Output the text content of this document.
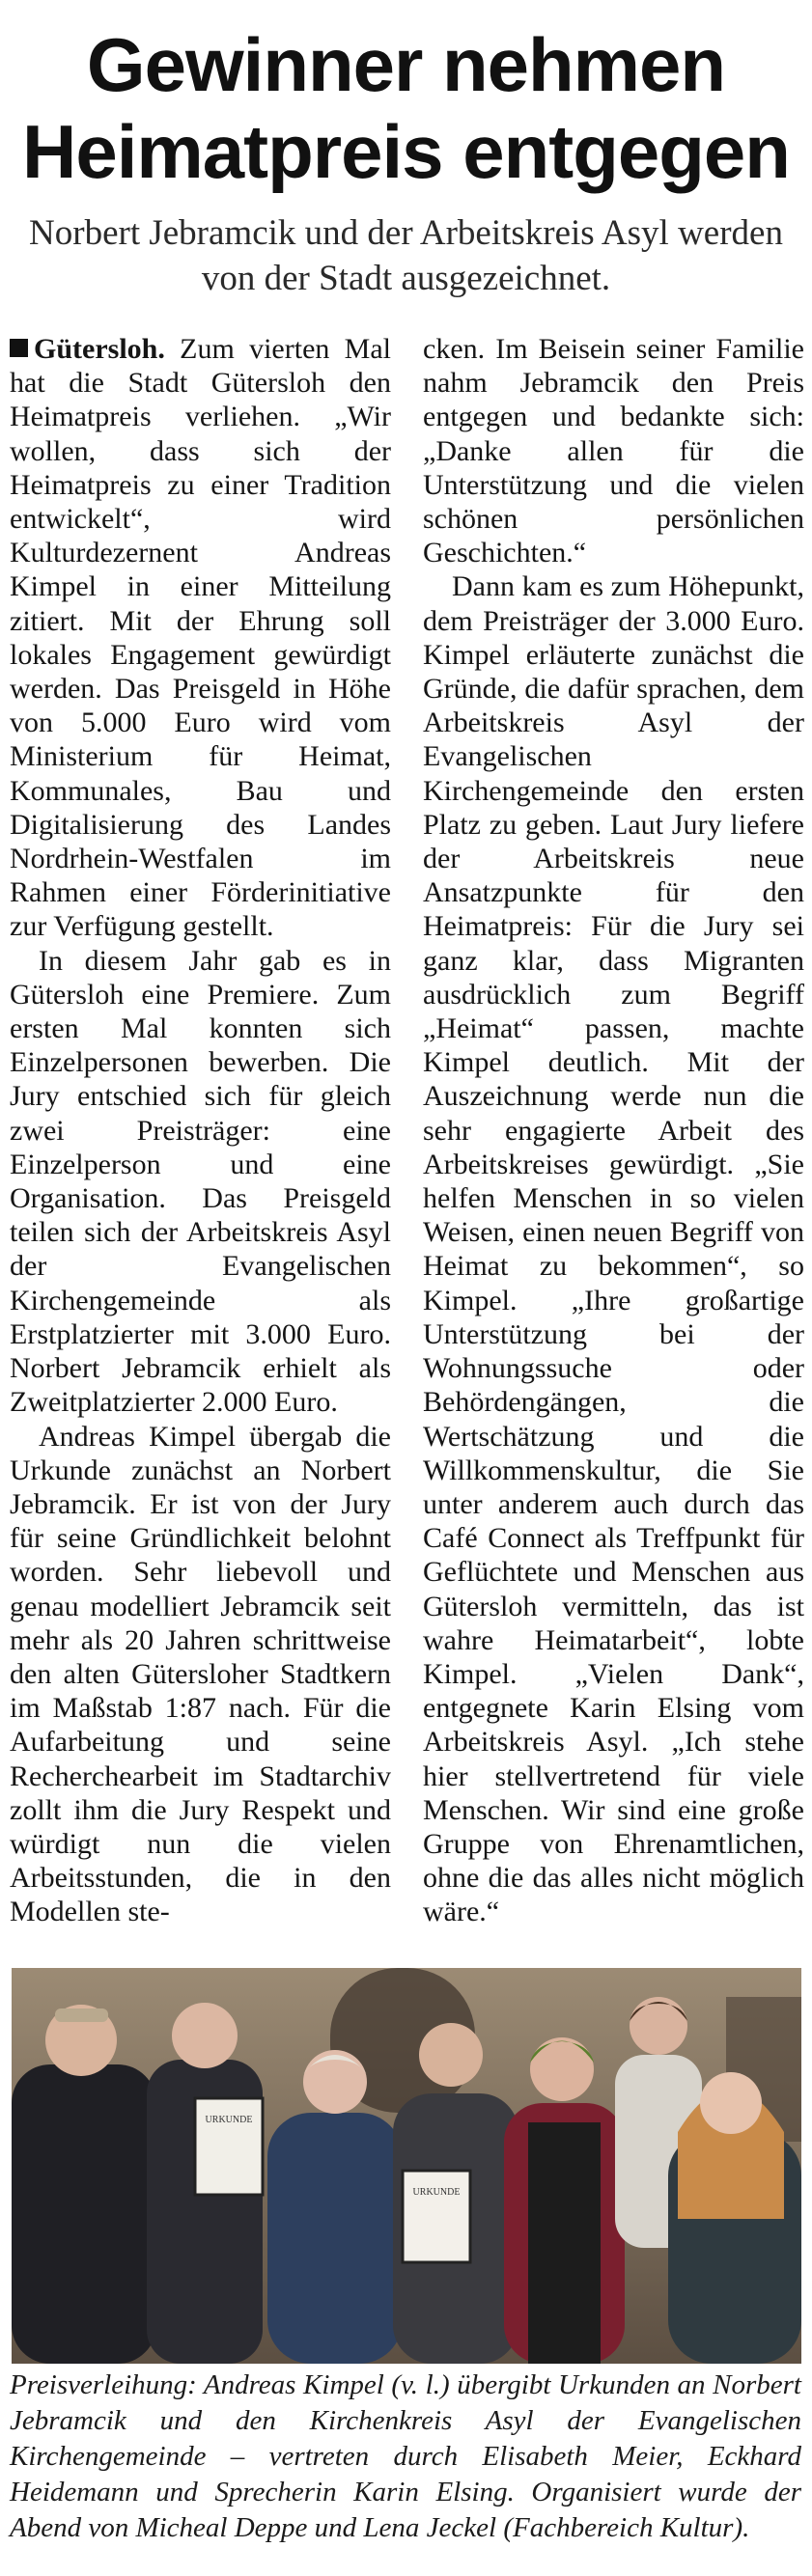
Gewinner nehmen Heimatpreis entgegen

Norbert Jebramcik und der Arbeitskreis Asyl werden von der Stadt ausgezeichnet.

Gütersloh. Zum vierten Mal hat die Stadt Gütersloh den Heimatpreis verliehen. „Wir wollen, dass sich der Heimatpreis zu einer Tradition entwickelt“, wird Kulturdezernent Andreas Kimpel in einer Mitteilung zitiert. Mit der Ehrung soll lokales Engagement gewürdigt werden. Das Preisgeld in Höhe von 5.000 Euro wird vom Ministerium für Heimat, Kommunales, Bau und Digitalisierung des Landes Nordrhein-Westfalen im Rahmen einer Förderinitiative zur Verfügung gestellt.

In diesem Jahr gab es in Gütersloh eine Premiere. Zum ersten Mal konnten sich Einzelpersonen bewerben. Die Jury entschied sich für gleich zwei Preisträger: eine Einzelperson und eine Organisation. Das Preisgeld teilen sich der Arbeitskreis Asyl der Evangelischen Kirchengemeinde als Erstplatzierter mit 3.000 Euro. Norbert Jebramcik erhielt als Zweitplatzierter 2.000 Euro.

Andreas Kimpel übergab die Urkunde zunächst an Norbert Jebramcik. Er ist von der Jury für seine Gründlichkeit belohnt worden. Sehr liebevoll und genau modelliert Jebramcik seit mehr als 20 Jahren schrittweise den alten Gütersloher Stadtkern im Maßstab 1:87 nach. Für die Aufarbeitung und seine Recherchearbeit im Stadtarchiv zollt ihm die Jury Respekt und würdigt nun die vielen Arbeitsstunden, die in den Modellen ste-

cken. Im Beisein seiner Familie nahm Jebramcik den Preis entgegen und bedankte sich: „Danke allen für die Unterstützung und die vielen schönen persönlichen Geschichten.“

Dann kam es zum Höhepunkt, dem Preisträger der 3.000 Euro. Kimpel erläuterte zunächst die Gründe, die dafür sprachen, dem Arbeitskreis Asyl der Evangelischen Kirchengemeinde den ersten Platz zu geben. Laut Jury liefere der Arbeitskreis neue Ansatzpunkte für den Heimatpreis: Für die Jury sei ganz klar, dass Migranten ausdrücklich zum Begriff „Heimat“ passen, machte Kimpel deutlich. Mit der Auszeichnung werde nun die sehr engagierte Arbeit des Arbeitskreises gewürdigt. „Sie helfen Menschen in so vielen Weisen, einen neuen Begriff von Heimat zu bekommen“, so Kimpel. „Ihre großartige Unterstützung bei der Wohnungssuche oder Behördengängen, die Wertschätzung und die Willkommenskultur, die Sie unter anderem auch durch das Café Connect als Treffpunkt für Geflüchtete und Menschen aus Gütersloh vermitteln, das ist wahre Heimatarbeit“, lobte Kimpel. „Vielen Dank“, entgegnete Karin Elsing vom Arbeitskreis Asyl. „Ich stehe hier stellvertretend für viele Menschen. Wir sind eine große Gruppe von Ehrenamtlichen, ohne die das alles nicht möglich wäre.“

URKUNDE
URKUNDE

Preisverleihung: Andreas Kimpel (v. l.) übergibt Urkunden an Norbert Jebramcik und den Kirchenkreis Asyl der Evangelischen Kirchengemeinde – vertreten durch Elisabeth Meier, Eckhard Heidemann und Sprecherin Karin Elsing. Organisiert wurde der Abend von Micheal Deppe und Lena Jeckel (Fachbereich Kultur).
